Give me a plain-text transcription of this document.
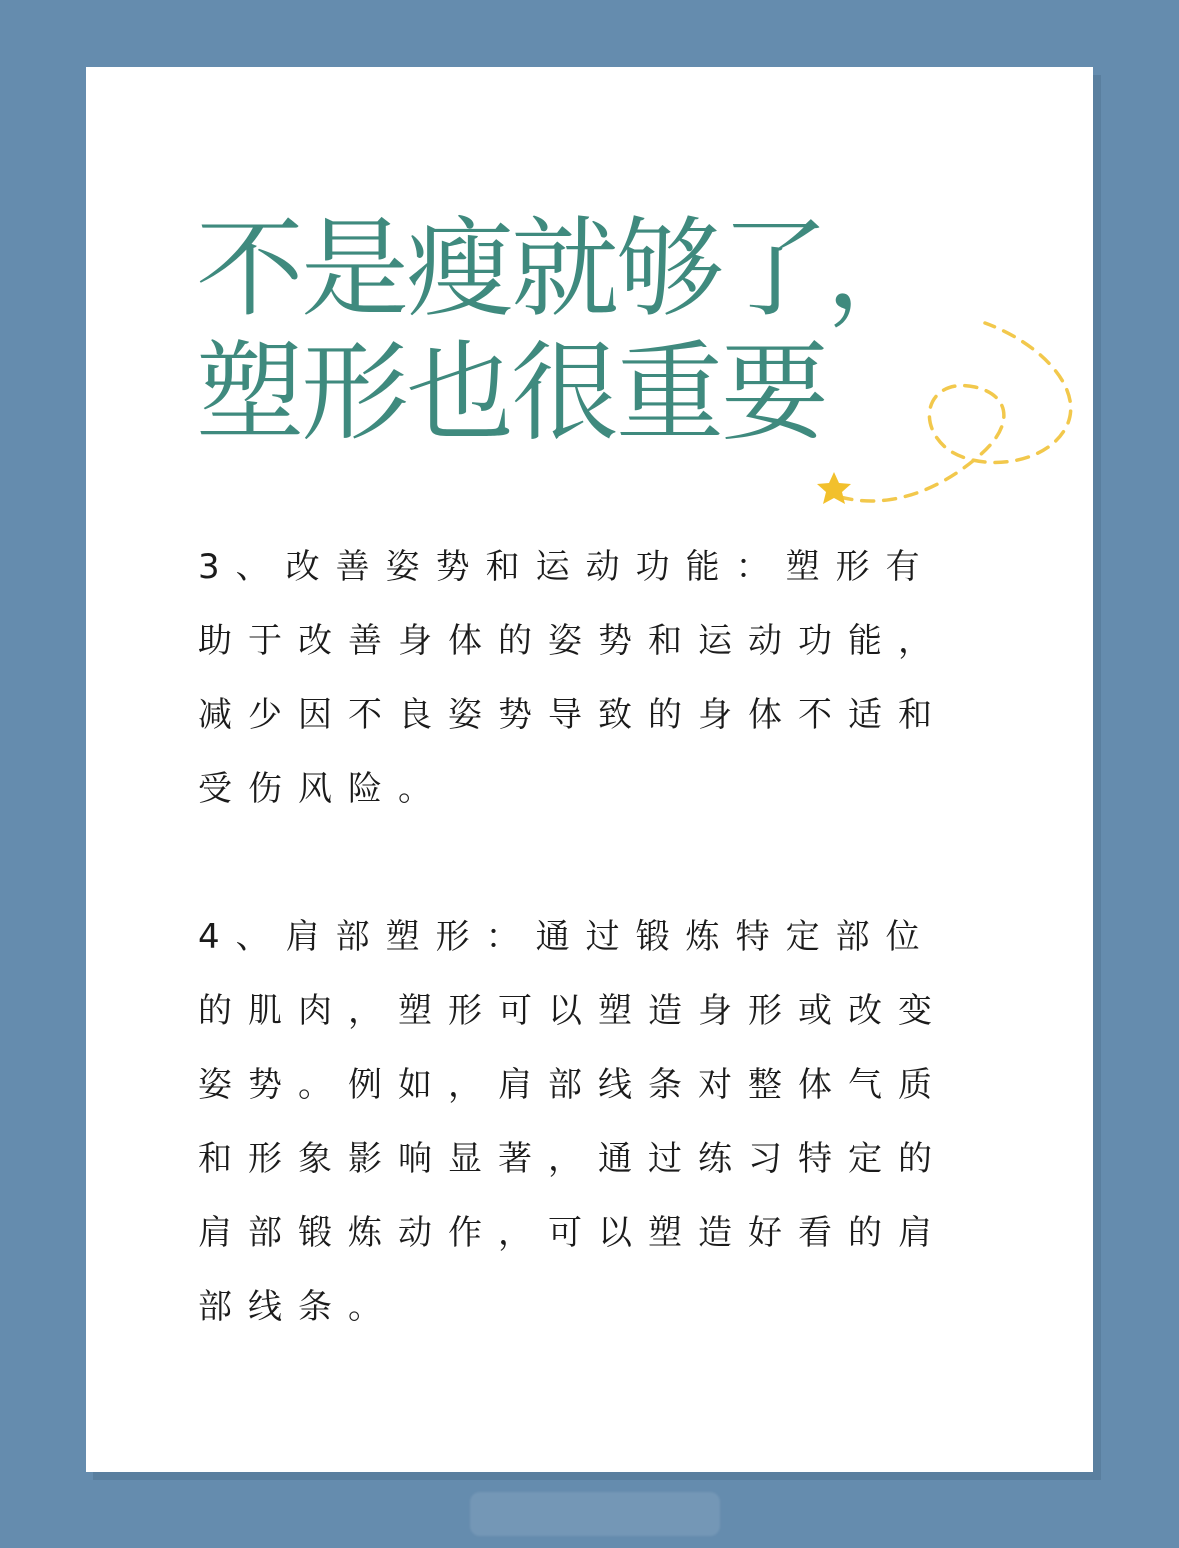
不是瘦就够了，
塑形也很重要

3、改善姿势和运动功能：塑形有助于改善身体的姿势和运动功能，减少因不良姿势导致的身体不适和受伤风险。

4、肩部塑形：通过锻炼特定部位的肌肉，塑形可以塑造身形或改变姿势。例如，肩部线条对整体气质和形象影响显著，通过练习特定的肩部锻炼动作，可以塑造好看的肩部线条。
